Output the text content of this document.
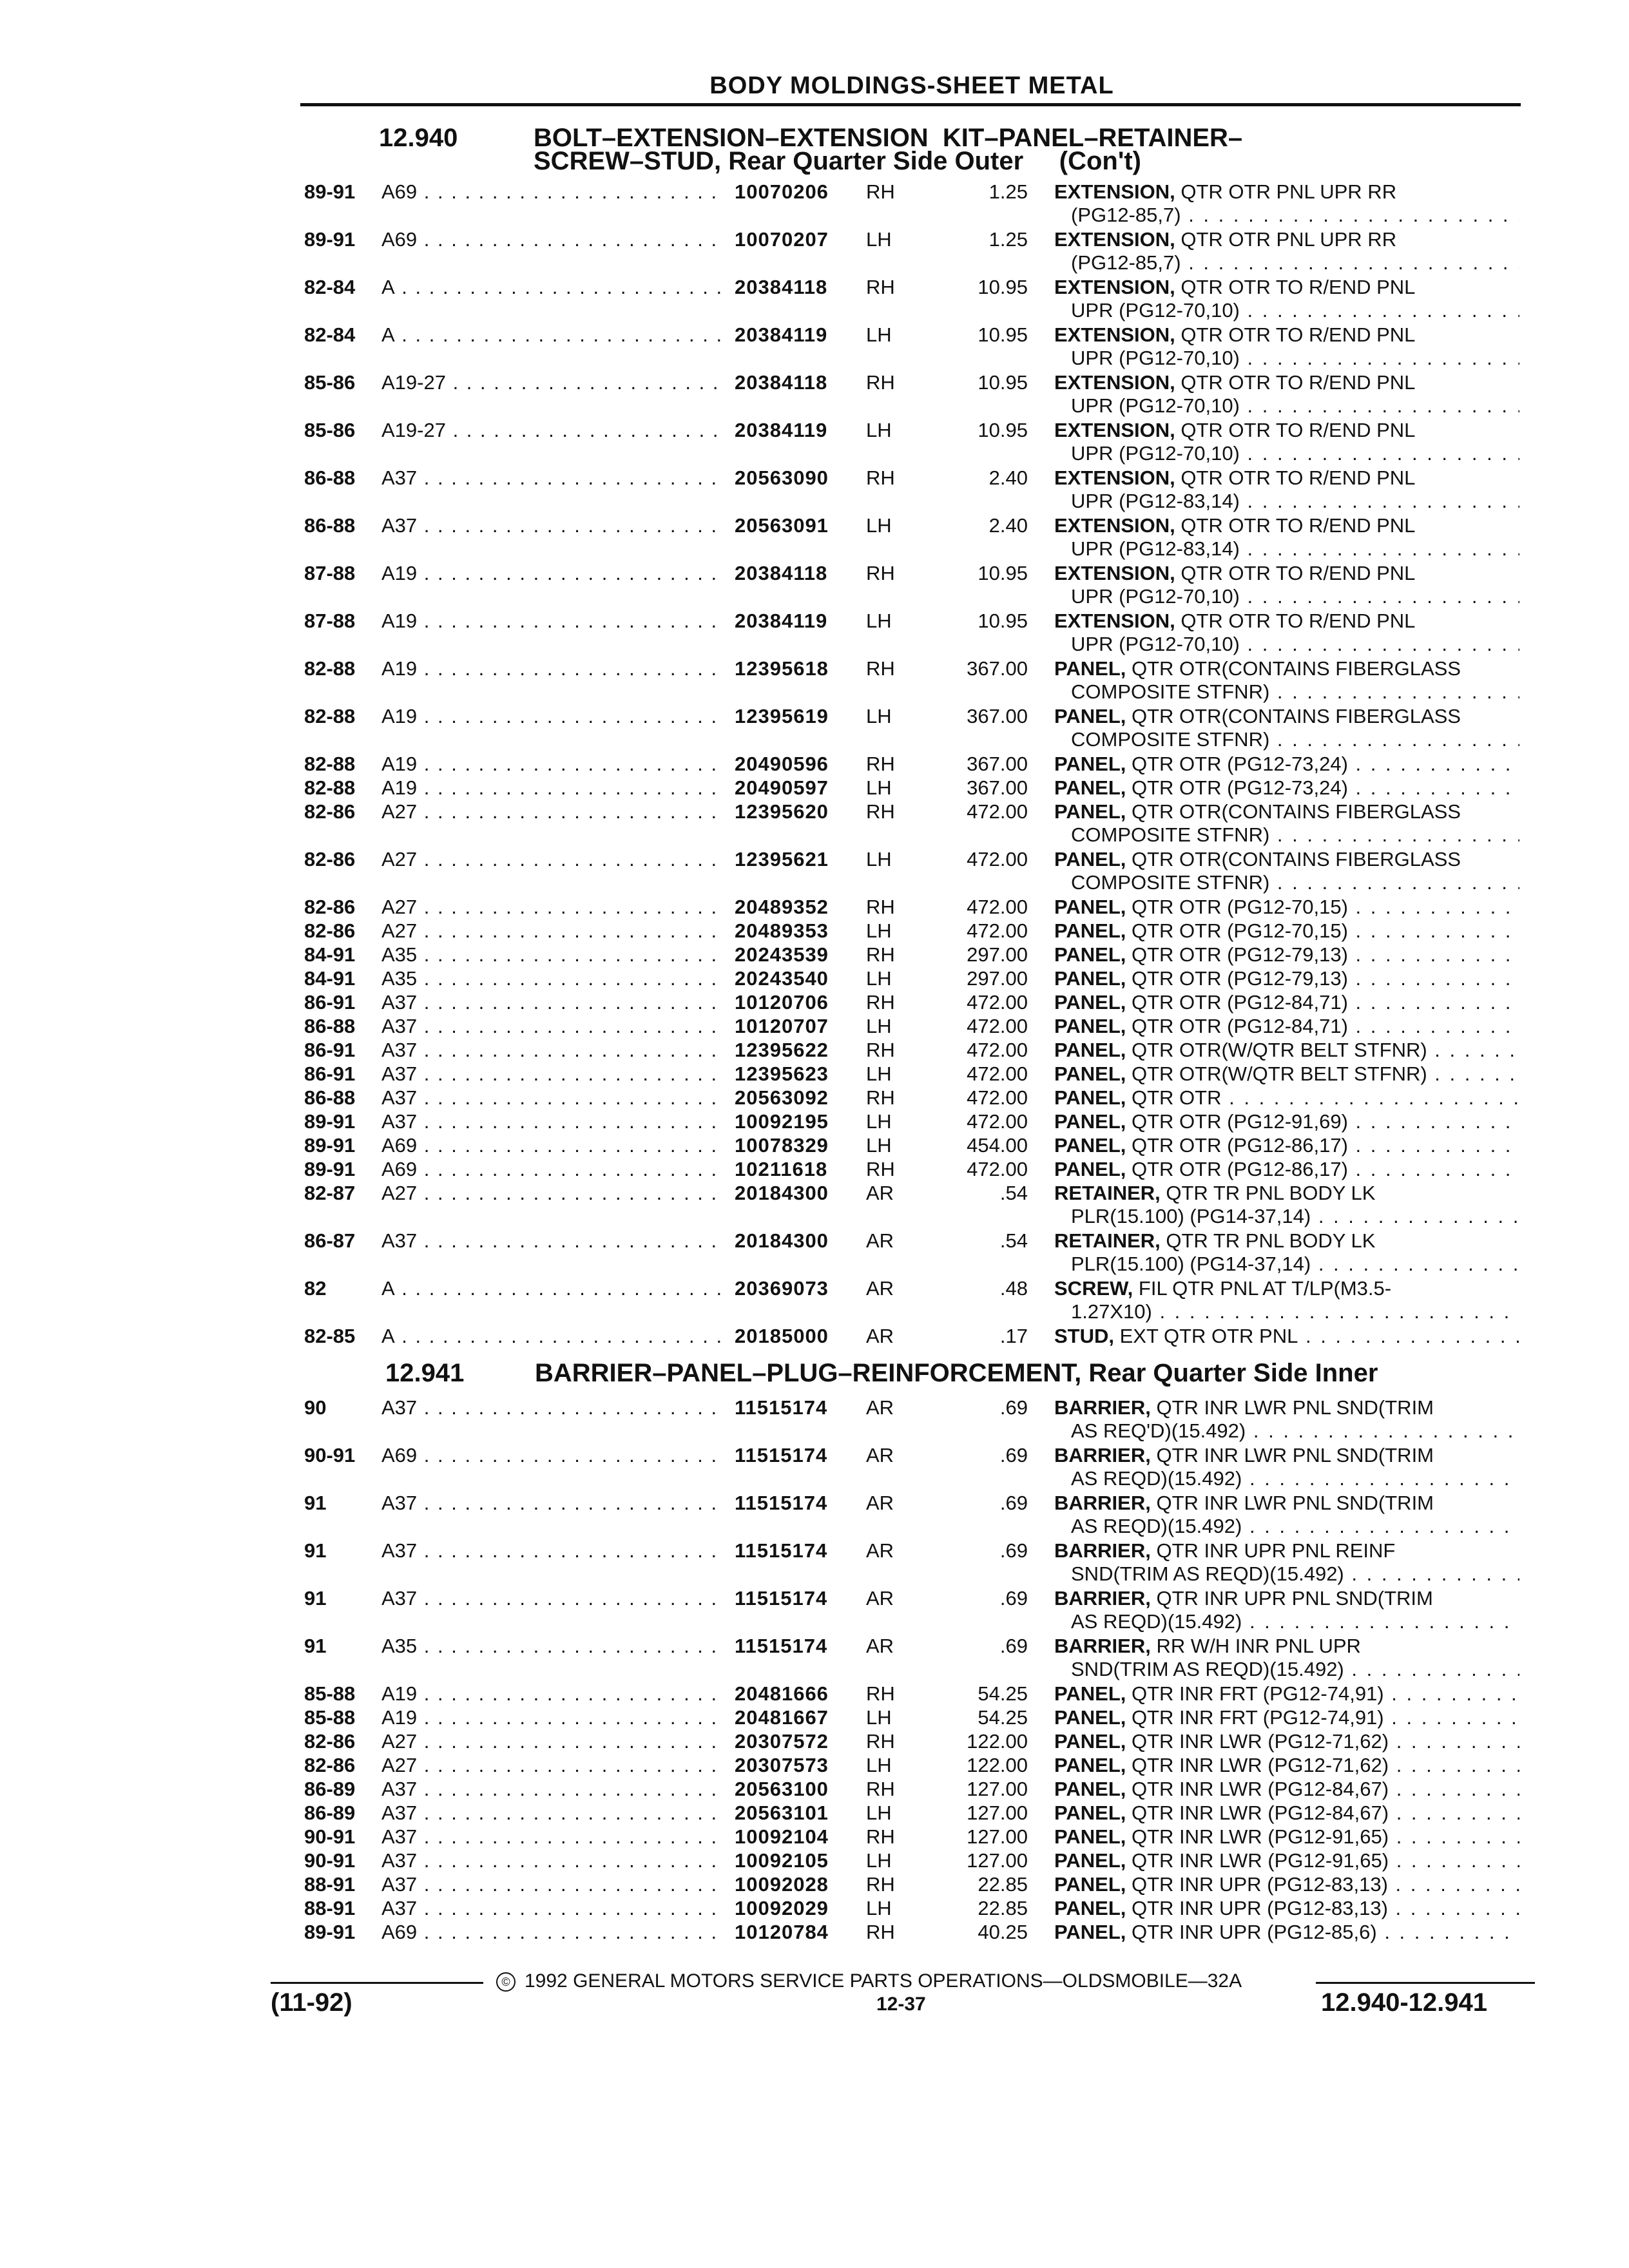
BODY MOLDINGS-SHEET METAL
12.940	BOLT–EXTENSION–EXTENSION  KIT–PANEL–RETAINER–
SCREW–STUD, Rear Quarter Side Outer     (Con't)
89-91 A69 . . .	10070206 RH	1.25 EXTENSION, QTR OTR PNL UPR RR
(PG12-85,7) . . .
89-91 A69 . . .	10070207 LH	1.25 EXTENSION, QTR OTR PNL UPR RR
(PG12-85,7) . . .
82-84 A . . .	20384118 RH	10.95 EXTENSION, QTR OTR TO R/END PNL
UPR (PG12-70,10) . . .
82-84 A . . .	20384119 LH	10.95 EXTENSION, QTR OTR TO R/END PNL
UPR (PG12-70,10) . . .
85-86 A19-27 . . .	20384118 RH	10.95 EXTENSION, QTR OTR TO R/END PNL
UPR (PG12-70,10) . . .
85-86 A19-27 . . .	20384119 LH	10.95 EXTENSION, QTR OTR TO R/END PNL
UPR (PG12-70,10) . . .
86-88 A37 . . .	20563090 RH	2.40 EXTENSION, QTR OTR TO R/END PNL
UPR (PG12-83,14) . . .
86-88 A37 . . .	20563091 LH	2.40 EXTENSION, QTR OTR TO R/END PNL
UPR (PG12-83,14) . . .
87-88 A19 . . .	20384118 RH	10.95 EXTENSION, QTR OTR TO R/END PNL
UPR (PG12-70,10) . . .
87-88 A19 . . .	20384119 LH	10.95 EXTENSION, QTR OTR TO R/END PNL
UPR (PG12-70,10) . . .
82-88 A19 . . .	12395618 RH	367.00 PANEL, QTR OTR(CONTAINS FIBERGLASS
COMPOSITE STFNR) . . .
82-88 A19 . . .	12395619 LH	367.00 PANEL, QTR OTR(CONTAINS FIBERGLASS
COMPOSITE STFNR) . . .
82-88 A19 . . .	20490596 RH	367.00 PANEL, QTR OTR (PG12-73,24) . . .
82-88 A19 . . .	20490597 LH	367.00 PANEL, QTR OTR (PG12-73,24) . . .
82-86 A27 . . .	12395620 RH	472.00 PANEL, QTR OTR(CONTAINS FIBERGLASS
COMPOSITE STFNR) . . .
82-86 A27 . . .	12395621 LH	472.00 PANEL, QTR OTR(CONTAINS FIBERGLASS
COMPOSITE STFNR) . . .
82-86 A27 . . .	20489352 RH	472.00 PANEL, QTR OTR (PG12-70,15) . . .
82-86 A27 . . .	20489353 LH	472.00 PANEL, QTR OTR (PG12-70,15) . . .
84-91 A35 . . .	20243539 RH	297.00 PANEL, QTR OTR (PG12-79,13) . . .
84-91 A35 . . .	20243540 LH	297.00 PANEL, QTR OTR (PG12-79,13) . . .
86-91 A37 . . .	10120706 RH	472.00 PANEL, QTR OTR (PG12-84,71) . . .
86-88 A37 . . .	10120707 LH	472.00 PANEL, QTR OTR (PG12-84,71) . . .
86-91 A37 . . .	12395622 RH	472.00 PANEL, QTR OTR(W/QTR BELT STFNR) . . .
86-91 A37 . . .	12395623 LH	472.00 PANEL, QTR OTR(W/QTR BELT STFNR) . . .
86-88 A37 . . .	20563092 RH	472.00 PANEL, QTR OTR . . .
89-91 A37 . . .	10092195 LH	472.00 PANEL, QTR OTR (PG12-91,69) . . .
89-91 A69 . . .	10078329 LH	454.00 PANEL, QTR OTR (PG12-86,17) . . .
89-91 A69 . . .	10211618 RH	472.00 PANEL, QTR OTR (PG12-86,17) . . .
82-87 A27 . . .	20184300 AR	.54 RETAINER, QTR TR PNL BODY LK
PLR(15.100) (PG14-37,14) . . .
86-87 A37 . . .	20184300 AR	.54 RETAINER, QTR TR PNL BODY LK
PLR(15.100) (PG14-37,14) . . .
82	A . . .	20369073 AR	.48 SCREW, FIL QTR PNL AT T/LP(M3.5-
1.27X10) . . .
82-85 A . . .	20185000 AR	.17 STUD, EXT QTR OTR PNL . . .
12.941	BARRIER–PANEL–PLUG–REINFORCEMENT, Rear Quarter Side Inner
90	A37 . . .	11515174 AR	.69 BARRIER, QTR INR LWR PNL SND(TRIM
AS REQ'D)(15.492) . . .
90-91 A69 . . .	11515174 AR	.69 BARRIER, QTR INR LWR PNL SND(TRIM
AS REQD)(15.492) . . .
91	A37 . . .	11515174 AR	.69 BARRIER, QTR INR LWR PNL SND(TRIM
AS REQD)(15.492) . . .
91	A37 . . .	11515174 AR	.69 BARRIER, QTR INR UPR PNL REINF
SND(TRIM AS REQD)(15.492) . . .
91	A37 . . .	11515174 AR	.69 BARRIER, QTR INR UPR PNL SND(TRIM
AS REQD)(15.492) . . .
91	A35 . . .	11515174 AR	.69 BARRIER, RR W/H INR PNL UPR
SND(TRIM AS REQD)(15.492) . . .
85-88 A19 . . .	20481666 RH	54.25 PANEL, QTR INR FRT (PG12-74,91) . . .
85-88 A19 . . .	20481667 LH	54.25 PANEL, QTR INR FRT (PG12-74,91) . . .
82-86 A27 . . .	20307572 RH	122.00 PANEL, QTR INR LWR (PG12-71,62) . . .
82-86 A27 . . .	20307573 LH	122.00 PANEL, QTR INR LWR (PG12-71,62) . . .
86-89 A37 . . .	20563100 RH	127.00 PANEL, QTR INR LWR (PG12-84,67) . . .
86-89 A37 . . .	20563101 LH	127.00 PANEL, QTR INR LWR (PG12-84,67) . . .
90-91 A37 . . .	10092104 RH	127.00 PANEL, QTR INR LWR (PG12-91,65) . . .
90-91 A37 . . .	10092105 LH	127.00 PANEL, QTR INR LWR (PG12-91,65) . . .
88-91 A37 . . .	10092028 RH	22.85 PANEL, QTR INR UPR (PG12-83,13) . . .
88-91 A37 . . .	10092029 LH	22.85 PANEL, QTR INR UPR (PG12-83,13) . . .
89-91 A69 . . .	10120784 RH	40.25 PANEL, QTR INR UPR (PG12-85,6) . . .
© 1992 GENERAL MOTORS SERVICE PARTS OPERATIONS—OLDSMOBILE—32A
(11-92)	12-37	12.940-12.941
